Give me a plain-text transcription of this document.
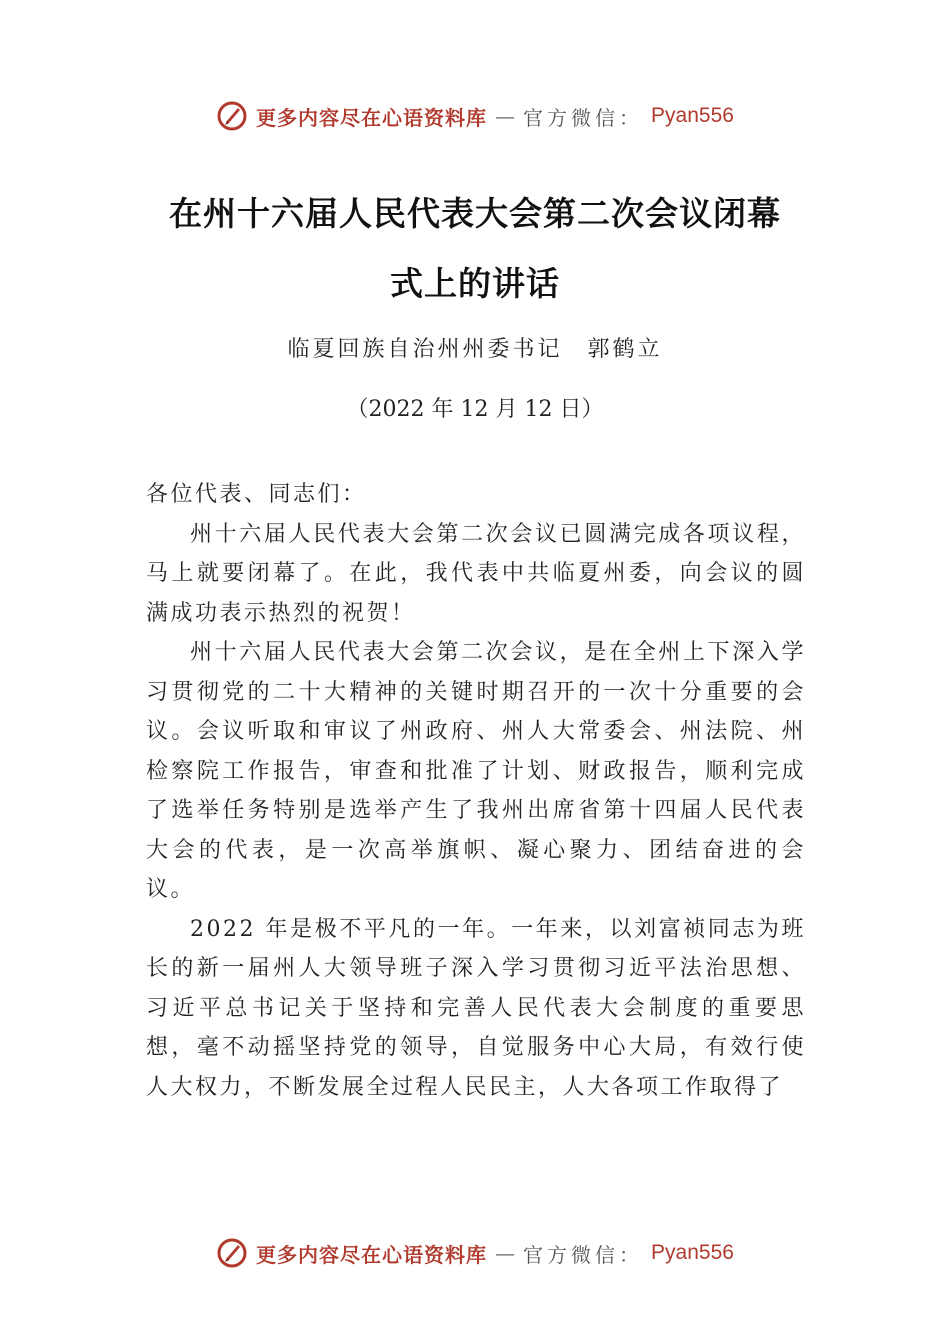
更多内容尽在心语资料库 — 官方微信： Pyan556
在州十六届人民代表大会第二次会议闭幕
式上的讲话
临夏回族自治州州委书记　郭鹤立
（2022 年 12 月 12 日）

各位代表、同志们：

州十六届人民代表大会第二次会议已圆满完成各项议程，马上就要闭幕了。在此，我代表中共临夏州委，向会议的圆满成功表示热烈的祝贺！

州十六届人民代表大会第二次会议，是在全州上下深入学习贯彻党的二十大精神的关键时期召开的一次十分重要的会议。会议听取和审议了州政府、州人大常委会、州法院、州检察院工作报告，审查和批准了计划、财政报告，顺利完成了选举任务特别是选举产生了我州出席省第十四届人民代表大会的代表，是一次高举旗帜、凝心聚力、团结奋进的会议。

2022 年是极不平凡的一年。一年来，以刘富祯同志为班长的新一届州人大领导班子深入学习贯彻习近平法治思想、 习近平总书记关于坚持和完善人民代表大会制度的重要思想，毫不动摇坚持党的领导，自觉服务中心大局，有效行使人大权力，不断发展全过程人民民主，人大各项工作取得了

更多内容尽在心语资料库 — 官方微信： Pyan556
